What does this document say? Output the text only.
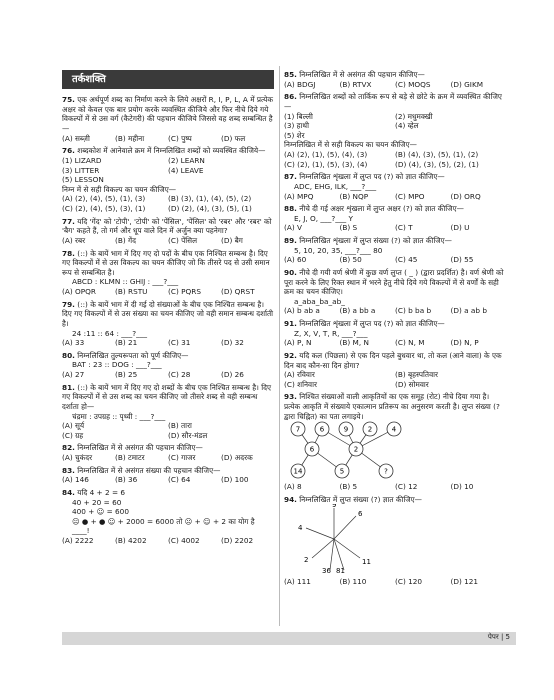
तर्कशक्ति
75. एक अर्थपूर्ण शब्द का निर्माण करने के लिये अक्षरों R, I, P, L, A में प्रत्येक अक्षर को केवल एक बार प्रयोग करके व्यवस्थित कीजिये और फिर नीचे दिये गये विकल्पों में से उस वर्ग (कैटेगरी) की पहचान कीजिये जिससे वह शब्द सम्बन्धित है—
(A) सब्ज़ी	(B) महीना	(C) पुष्प	(D) फल
76. शब्दकोश में आनेवाले क्रम में निम्नलिखित शब्दों को व्यवस्थित कीजिये—
(1) LIZARD	(2) LEARN
(3) LITTER	(4) LEAVE
(5) LESSON
निम्न में से सही विकल्प का चयन कीजिए—
(A) (2), (4), (5), (1), (3)	(B) (3), (1), (4), (5), (2)
(C) (2), (4), (5), (3), (1)	(D) (2), (4), (3), (5), (1)
77. यदि 'गेंद' को 'टोपी', 'टोपी' को 'पेंसिल', 'पेंसिल' को 'रबर' और 'रबर' को 'बैग' कहते हैं, तो गर्म और धूप वाले दिन में अर्जुन क्या पहनेगा?
(A) रबर	(B) गेंद	(C) पेंसिल	(D) बैग
78. (::) के बायें भाग में दिए गए दो पदों के बीच एक निश्चित सम्बन्ध है। दिए गए विकल्पों में से उस विकल्प का चयन कीजिए जो कि तीसरे पद से उसी समान रूप से सम्बन्धित है।
ABCD : KLMN :: GHIJ : ___?___
(A) OPQR	(B) RSTU	(C) PQRS	(D) QRST
79. (::) के बायें भाग में दी गई दो संख्याओं के बीच एक निश्चित सम्बन्ध है। दिए गए विकल्पों में से उस संख्या का चयन कीजिए जो वही समान सम्बन्ध दर्शाती है।
24 :11 :: 64 : ___?___
(A) 33	(B) 21	(C) 31	(D) 32
80. निम्नलिखित तुल्यरूपता को पूर्ण कीजिए—
BAT : 23 :: DOG : ___?___
(A) 27	(B) 25	(C) 28	(D) 26
81. (::) के बायें भाग में दिए गए दो शब्दों के बीच एक निश्चित सम्बन्ध है। दिए गए विकल्पों में से उस शब्द का चयन कीजिए जो तीसरे शब्द से वही सम्बन्ध दर्शाता हो—
चंद्रमा : उपग्रह :: पृथ्वी : ___?___
(A) सूर्य	(B) तारा
(C) ग्रह	(D) सौर-मंडल
82. निम्नलिखित में से असंगत की पहचान कीजिए—
(A) चुकंदर	(B) टमाटर	(C) गाजर	(D) अदरक
83. निम्नलिखित में से असंगत संख्या की पहचान कीजिए—
(A) 146	(B) 36	(C) 64	(D) 100
84. यदि 4 + 2 = 6
40 + 20 = 60
400 + ☺ = 600
☹ ● + ● ☺ + 2000 = 6000 तो ☹ + ☺ + 2 का योग है ____!
(A) 2222	(B) 4202	(C) 4002	(D) 2202
85. निम्नलिखित में से असंगत की पहचान कीजिए—
(A) BDGJ	(B) RTVX	(C) MOQS	(D) GIKM
86. निम्नलिखित शब्दों को तार्किक रूप से बड़े से छोटे के क्रम में व्यवस्थित कीजिए—
(1) बिल्ली	(2) मधुमक्खी
(3) हाथी	(4) व्हेल
(5) शेर
निम्नलिखित में से सही विकल्प का चयन कीजिए—
(A) (2), (1), (5), (4), (3)	(B) (4), (3), (5), (1), (2)
(C) (2), (1), (5), (3), (4)	(D) (4), (3), (5), (2), (1)
87. निम्नलिखित शृंखला में लुप्त पद (?) को ज्ञात कीजिए—
ADC, EHG, ILK, ___?___
(A) MPQ	(B) NQP	(C) MPO	(D) ORQ
88. नीचे दी गई अक्षर शृंखला में लुप्त अक्षर (?) को ज्ञात कीजिए—
E, J, O, ___?___ Y
(A) V	(B) S	(C) T	(D) U
89. निम्नलिखित शृंखला में लुप्त संख्या (?) को ज्ञात कीजिए—
5, 10, 20, 35, ___?___ 80
(A) 60	(B) 50	(C) 45	(D) 55
90. नीचे दी गयी वर्ण श्रेणी में कुछ वर्ण लुप्त ( _ ) (द्वारा प्रदर्शित) है। वर्ण श्रेणी को पूरा करने के लिए रिक्त स्थान में भरने हेतु नीचे दिये गये विकल्पों में से वर्णों के सही क्रम का चयन कीजिए।
a_aba_ba_ab_
(A) b ab a	(B) a bb a	(C) b ba b	(D) a ab b
91. निम्नलिखित शृंखला में लुप्त पद (?) को ज्ञात कीजिए—
Z, X, V, T, R, ___?___
(A) P, N	(B) M, N	(C) N, M	(D) N, P
92. यदि कल (पिछला) से एक दिन पहले बुधवार था, तो कल (आने वाला) के एक दिन बाद कौन-सा दिन होगा?
(A) रविवार	(B) बृहस्पतिवार
(C) शनिवार	(D) सोमवार
93. निश्चित संख्याओं वाली आकृतियों का एक समूह (रोट) नीचे दिया गया है। प्रत्येक आकृति में संख्याये एकात्मान प्रतिरूप का अनुसरण करती है। लुप्त संख्या (? द्वारा चिह्नित) का पता लगाइये।
7	6	9	2	4
6	2
14	5	?
(A) 8	(B) 5	(C) 12	(D) 10
94. निम्नलिखित में लुप्त संख्या (?) ज्ञात कीजिए—
9
6
4
2
36 81
11
(A) 111	(B) 110	(C) 120	(D) 121
पेपर | 5
